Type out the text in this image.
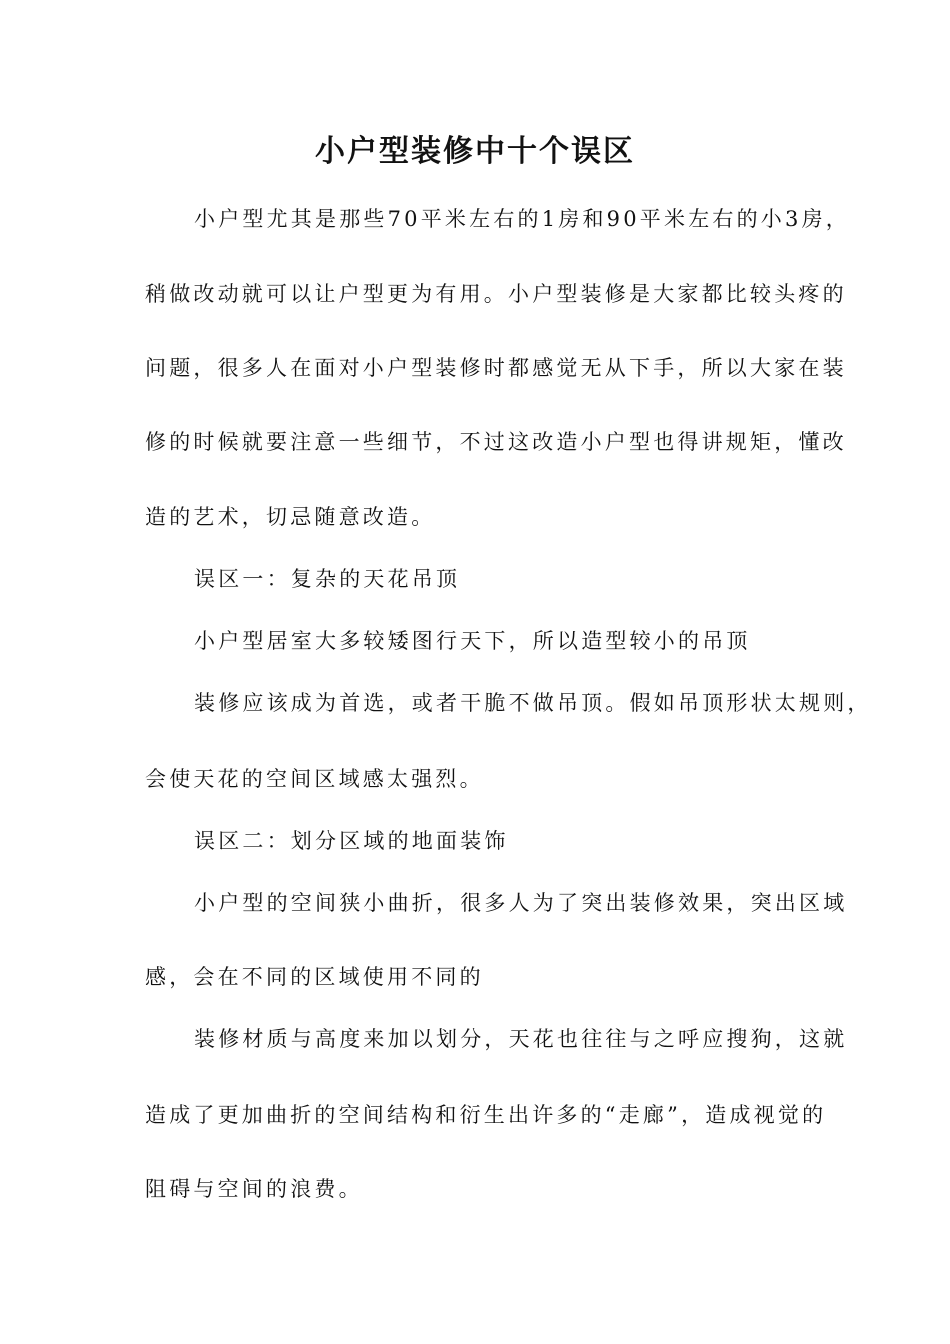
小户型装修中十个误区

小户型尤其是那些70平米左右的1房和90平米左右的小3房，

稍做改动就可以让户型更为有用。小户型装修是大家都比较头疼的

问题，很多人在面对小户型装修时都感觉无从下手，所以大家在装

修的时候就要注意一些细节，不过这改造小户型也得讲规矩，懂改

造的艺术，切忌随意改造。

误区一：复杂的天花吊顶

小户型居室大多较矮图行天下，所以造型较小的吊顶

装修应该成为首选，或者干脆不做吊顶。假如吊顶形状太规则，

会使天花的空间区域感太强烈。

误区二：划分区域的地面装饰

小户型的空间狭小曲折，很多人为了突出装修效果，突出区域

感，会在不同的区域使用不同的

装修材质与高度来加以划分，天花也往往与之呼应搜狗，这就

造成了更加曲折的空间结构和衍生出许多的“走廊”，造成视觉的

阻碍与空间的浪费。
